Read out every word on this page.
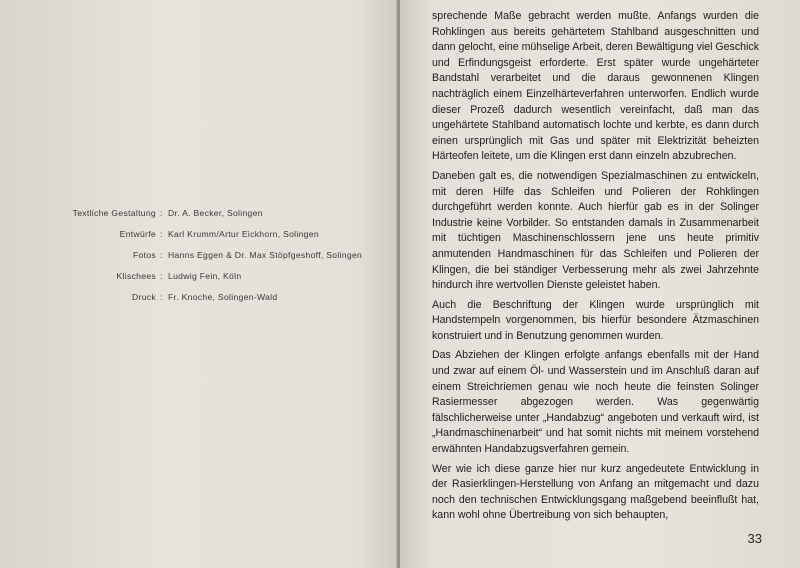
Textliche Gestaltung : Dr. A. Becker, Solingen
Entwürfe : Karl Krumm/Artur Eickhorn, Solingen
Fotos : Hanns Eggen & Dr. Max Stöpfgeshoff, Solingen
Klischees : Ludwig Fein, Köln
Druck : Fr. Knoche, Solingen-Wald

sprechende Maße gebracht werden mußte. Anfangs wurden die Rohklingen aus bereits gehärtetem Stahlband ausgeschnitten und dann gelocht, eine mühselige Arbeit, deren Bewältigung viel Geschick und Erfindungsgeist erforderte. Erst später wurde ungehärteter Bandstahl verarbeitet und die daraus gewonnenen Klingen nachträglich einem Einzelhärteverfahren unterworfen. Endlich wurde dieser Prozeß dadurch wesentlich vereinfacht, daß man das ungehärtete Stahlband automatisch lochte und kerbte, es dann durch einen ursprünglich mit Gas und später mit Elektrizität beheizten Härteofen leitete, um die Klingen erst dann einzeln abzubrechen.

Daneben galt es, die notwendigen Spezialmaschinen zu entwickeln, mit deren Hilfe das Schleifen und Polieren der Rohklingen durchgeführt werden konnte. Auch hierfür gab es in der Solinger Industrie keine Vorbilder. So entstanden damals in Zusammenarbeit mit tüchtigen Maschinenschlossern jene uns heute primitiv anmutenden Handmaschinen für das Schleifen und Polieren der Klingen, die bei ständiger Verbesserung mehr als zwei Jahrzehnte hindurch ihre wertvollen Dienste geleistet haben.

Auch die Beschriftung der Klingen wurde ursprünglich mit Handstempeln vorgenommen, bis hierfür besondere Ätzmaschinen konstruiert und in Benutzung genommen wurden.

Das Abziehen der Klingen erfolgte anfangs ebenfalls mit der Hand und zwar auf einem Öl- und Wasserstein und im Anschluß daran auf einem Streichriemen genau wie noch heute die feinsten Solinger Rasiermesser abgezogen werden. Was gegenwärtig fälschlicherweise unter „Handabzug“ angeboten und verkauft wird, ist „Handmaschinenarbeit“ und hat somit nichts mit meinem vorstehend erwähnten Handabzugsverfahren gemein.

Wer wie ich diese ganze hier nur kurz angedeutete Entwicklung in der Rasierklingen-Herstellung von Anfang an mitgemacht und dazu noch den technischen Entwicklungsgang maßgebend beeinflußt hat, kann wohl ohne Übertreibung von sich behaupten,

33
